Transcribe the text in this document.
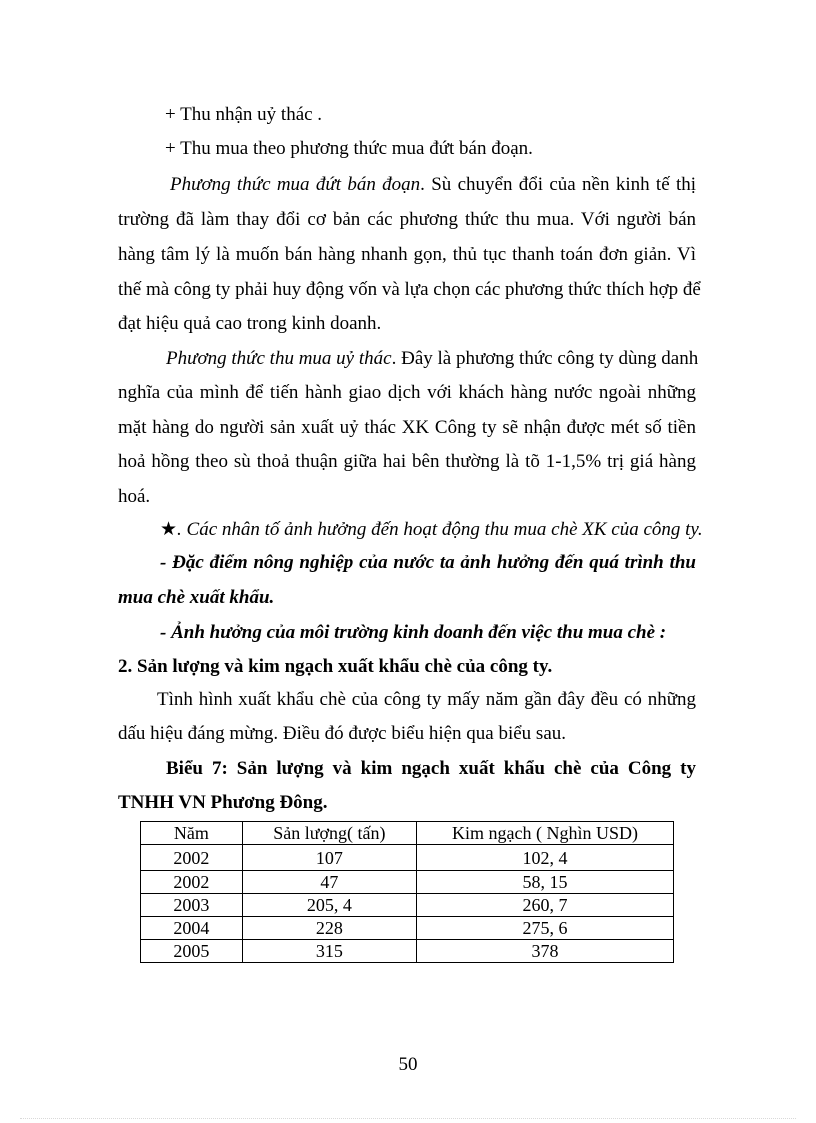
+ Thu nhận uỷ thác .
+ Thu mua theo phương thức mua đứt bán đoạn.
Phương thức mua đứt bán đoạn. Sù chuyển đổi của nền kinh tế thị
trường đã làm thay đổi cơ bản các phương thức thu mua. Với người bán
hàng tâm lý là muốn bán hàng nhanh gọn, thủ tục thanh toán đơn giản. Vì
thế mà công ty phải huy động vốn và lựa chọn các phương thức thích hợp để
đạt hiệu quả cao trong kinh doanh.
Phương thức thu mua uỷ thác. Đây là phương thức công ty dùng danh
nghĩa của mình để tiến hành giao dịch với khách hàng nước ngoài những
mặt hàng do người sản xuất uỷ thác XK Công ty sẽ nhận được mét số tiền
hoả hồng theo sù thoả thuận giữa hai bên thường là tõ 1-1,5% trị giá hàng
hoá.
★. Các nhân tố ảnh hưởng đến hoạt động thu mua chè XK của công ty.
- Đặc điểm nông nghiệp của nước ta ảnh hưởng đến quá trình thu
mua chè xuất khẩu.
- Ảnh hưởng của môi trường kinh doanh đến việc thu mua chè :
2. Sản lượng và kim ngạch xuất khẩu chè của công ty.
Tình hình xuất khẩu chè của công ty mấy năm gần đây đều có những
dấu hiệu đáng mừng. Điều đó được biểu hiện qua biểu sau.
Biểu 7: Sản lượng và kim ngạch xuất khẩu chè của Công ty
TNHH VN Phương Đông.
Năm	Sản lượng( tấn)	Kim ngạch ( Nghìn USD)
2002	107	102, 4
2002	47	58, 15
2003	205, 4	260, 7
2004	228	275, 6
2005	315	378
50
